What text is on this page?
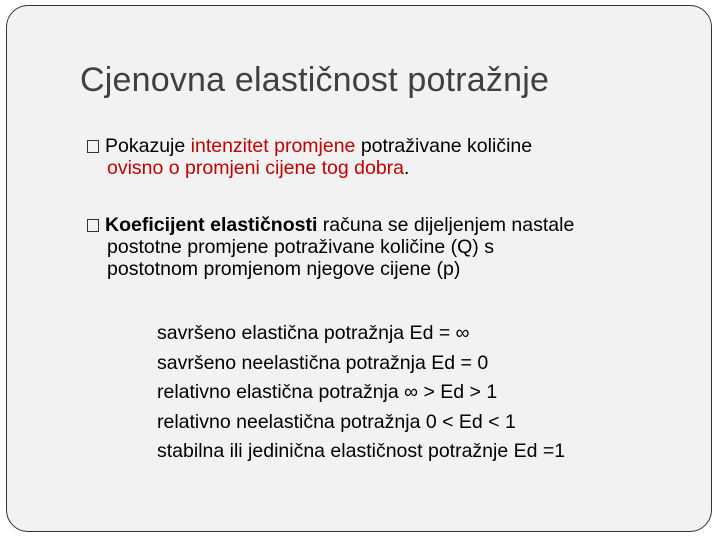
Cjenovna elastičnost potražnje
Pokazuje intenzitet promjene potraživane količine
ovisno o promjeni cijene tog dobra.
Koeficijent elastičnosti računa se dijeljenjem nastale
postotne promjene potraživane količine (Q) s
postotnom promjenom njegove cijene (p)
savršeno elastična potražnja Ed = ∞
savršeno neelastična potražnja Ed = 0
relativno elastična potražnja ∞ > Ed > 1
relativno neelastična potražnja 0 < Ed < 1
stabilna ili jedinična elastičnost potražnje Ed =1
